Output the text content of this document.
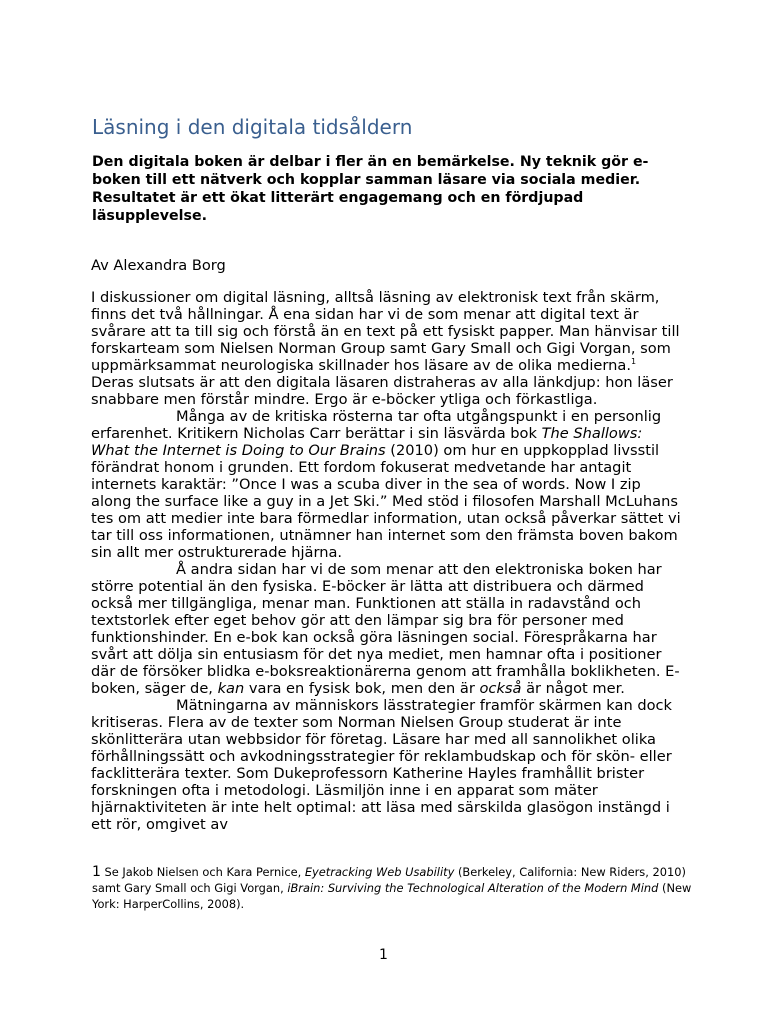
Läsning i den digitala tidsåldern

Den digitala boken är delbar i fler än en bemärkelse. Ny teknik gör e-boken till ett nätverk och kopplar samman läsare via sociala medier. Resultatet är ett ökat litterärt engagemang och en fördjupad läsupplevelse.

Av Alexandra Borg

I diskussioner om digital läsning, alltså läsning av elektronisk text från skärm, finns det två hållningar. Å ena sidan har vi de som menar att digital text är svårare att ta till sig och förstå än en text på ett fysiskt papper. Man hänvisar till forskarteam som Nielsen Norman Group samt Gary Small och Gigi Vorgan, som uppmärksammat neurologiska skillnader hos läsare av de olika medierna.$^1$ Deras slutsats är att den digitala läsaren distraheras av alla länkdjup: hon läser snabbare men förstår mindre. Ergo är e-böcker ytliga och förkastliga.

Många av de kritiska rösterna tar ofta utgångspunkt i en personlig erfarenhet. Kritikern Nicholas Carr berättar i sin läsvärda bok The Shallows: What the Internet is Doing to Our Brains (2010) om hur en uppkopplad livsstil förändrat honom i grunden. Ett fordom fokuserat medvetande har antagit internets karaktär: ”Once I was a scuba diver in the sea of words. Now I zip along the surface like a guy in a Jet Ski.” Med stöd i filosofen Marshall McLuhans tes om att medier inte bara förmedlar information, utan också påverkar sättet vi tar till oss informationen, utnämner han internet som den främsta boven bakom sin allt mer ostrukturerade hjärna.

Å andra sidan har vi de som menar att den elektroniska boken har större potential än den fysiska. E-böcker är lätta att distribuera och därmed också mer tillgängliga, menar man. Funktionen att ställa in radavstånd och textstorlek efter eget behov gör att den lämpar sig bra för personer med funktionshinder. En e-bok kan också göra läsningen social. Förespråkarna har svårt att dölja sin entusiasm för det nya mediet, men hamnar ofta i positioner där de försöker blidka e-boksreaktionärerna genom att framhålla boklikheten. E-boken, säger de, kan vara en fysisk bok, men den är också är något mer.

Mätningarna av människors lässtrategier framför skärmen kan dock kritiseras. Flera av de texter som Norman Nielsen Group studerat är inte skönlitterära utan webbsidor för företag. Läsare har med all sannolikhet olika förhållningssätt och avkodningsstrategier för reklambudskap och för skön- eller facklitterära texter. Som Dukeprofessorn Katherine Hayles framhållit brister forskningen ofta i metodologi. Läsmiljön inne i en apparat som mäter hjärnaktiviteten är inte helt optimal: att läsa med särskilda glasögon instängd i ett rör, omgivet av

1 Se Jakob Nielsen och Kara Pernice, Eyetracking Web Usability (Berkeley, California: New Riders, 2010) samt Gary Small och Gigi Vorgan, iBrain: Surviving the Technological Alteration of the Modern Mind (New York: HarperCollins, 2008).

1
